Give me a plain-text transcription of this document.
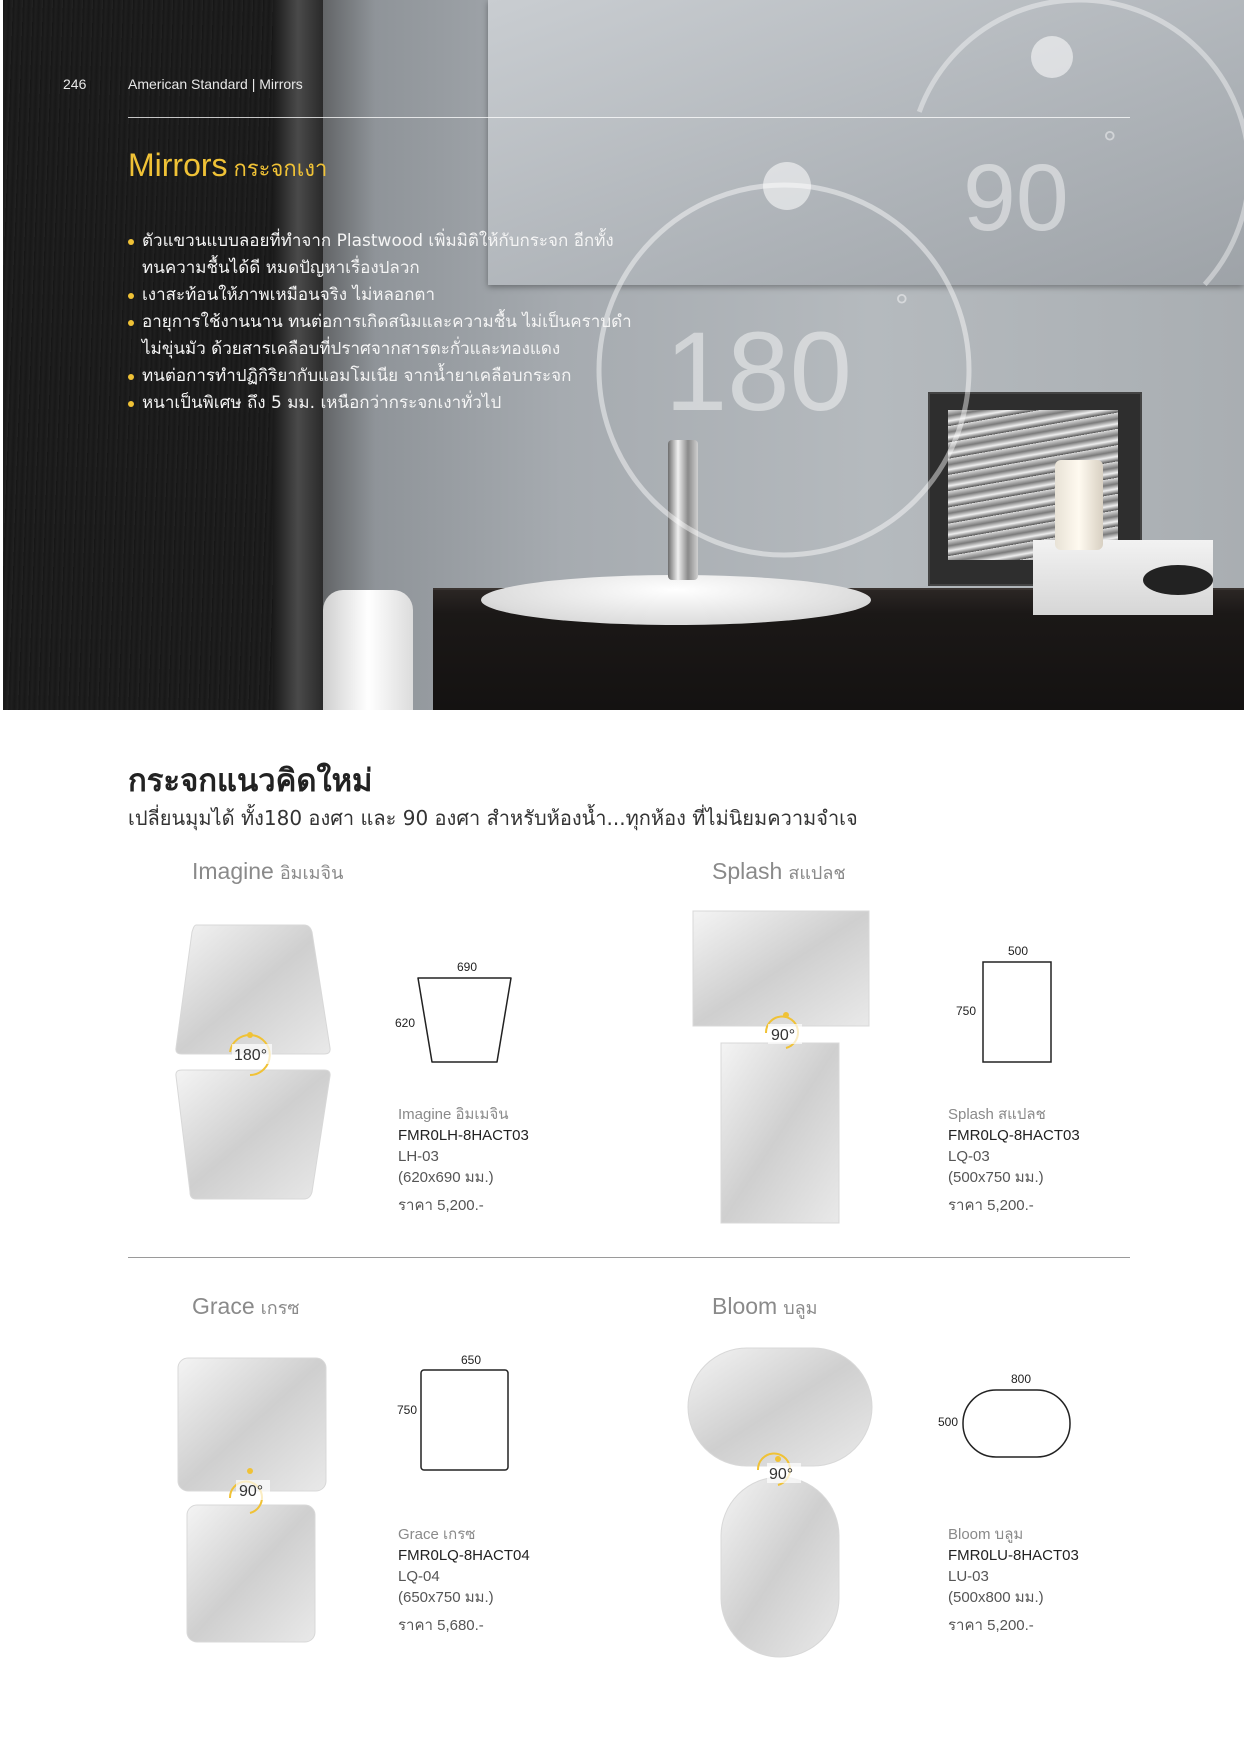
180
°
90
°
246	American Standard | Mirrors
Mirrors กระจกเงา
ตัวแขวนแบบลอยที่ทำจาก Plastwood เพิ่มมิติให้กับกระจก อีกทั้งทนความชื้นได้ดี หมดปัญหาเรื่องปลวก
เงาสะท้อนให้ภาพเหมือนจริง ไม่หลอกตา
อายุการใช้งานนาน ทนต่อการเกิดสนิมและความชื้น ไม่เป็นคราบดำ ไม่ขุ่นมัว ด้วยสารเคลือบที่ปราศจากสารตะกั่วและทองแดง
ทนต่อการทำปฏิกิริยากับแอมโมเนีย จากน้ำยาเคลือบกระจก
หนาเป็นพิเศษ ถึง 5 มม. เหนือกว่ากระจกเงาทั่วไป
กระจกแนวคิดใหม่
เปลี่ยนมุมได้ ทั้ง180 องศา และ 90 องศา สำหรับห้องน้ำ...ทุกห้อง ที่ไม่นิยมความจำเจ
Imagine อิมเมจิน
180°
690
620
Imagine อิมเมจิน
FMR0LH-8HACT03
LH-03
(620x690 มม.)
ราคา 5,200.-
Splash สแปลช
90°
500
750
Splash สแปลช
FMR0LQ-8HACT03
LQ-03
(500x750 มม.)
ราคา 5,200.-
Grace เกรซ
90°
650
750
Grace เกรซ
FMR0LQ-8HACT04
LQ-04
(650x750 มม.)
ราคา 5,680.-
Bloom บลูม
90°
800
500
Bloom บลูม
FMR0LU-8HACT03
LU-03
(500x800 มม.)
ราคา 5,200.-
